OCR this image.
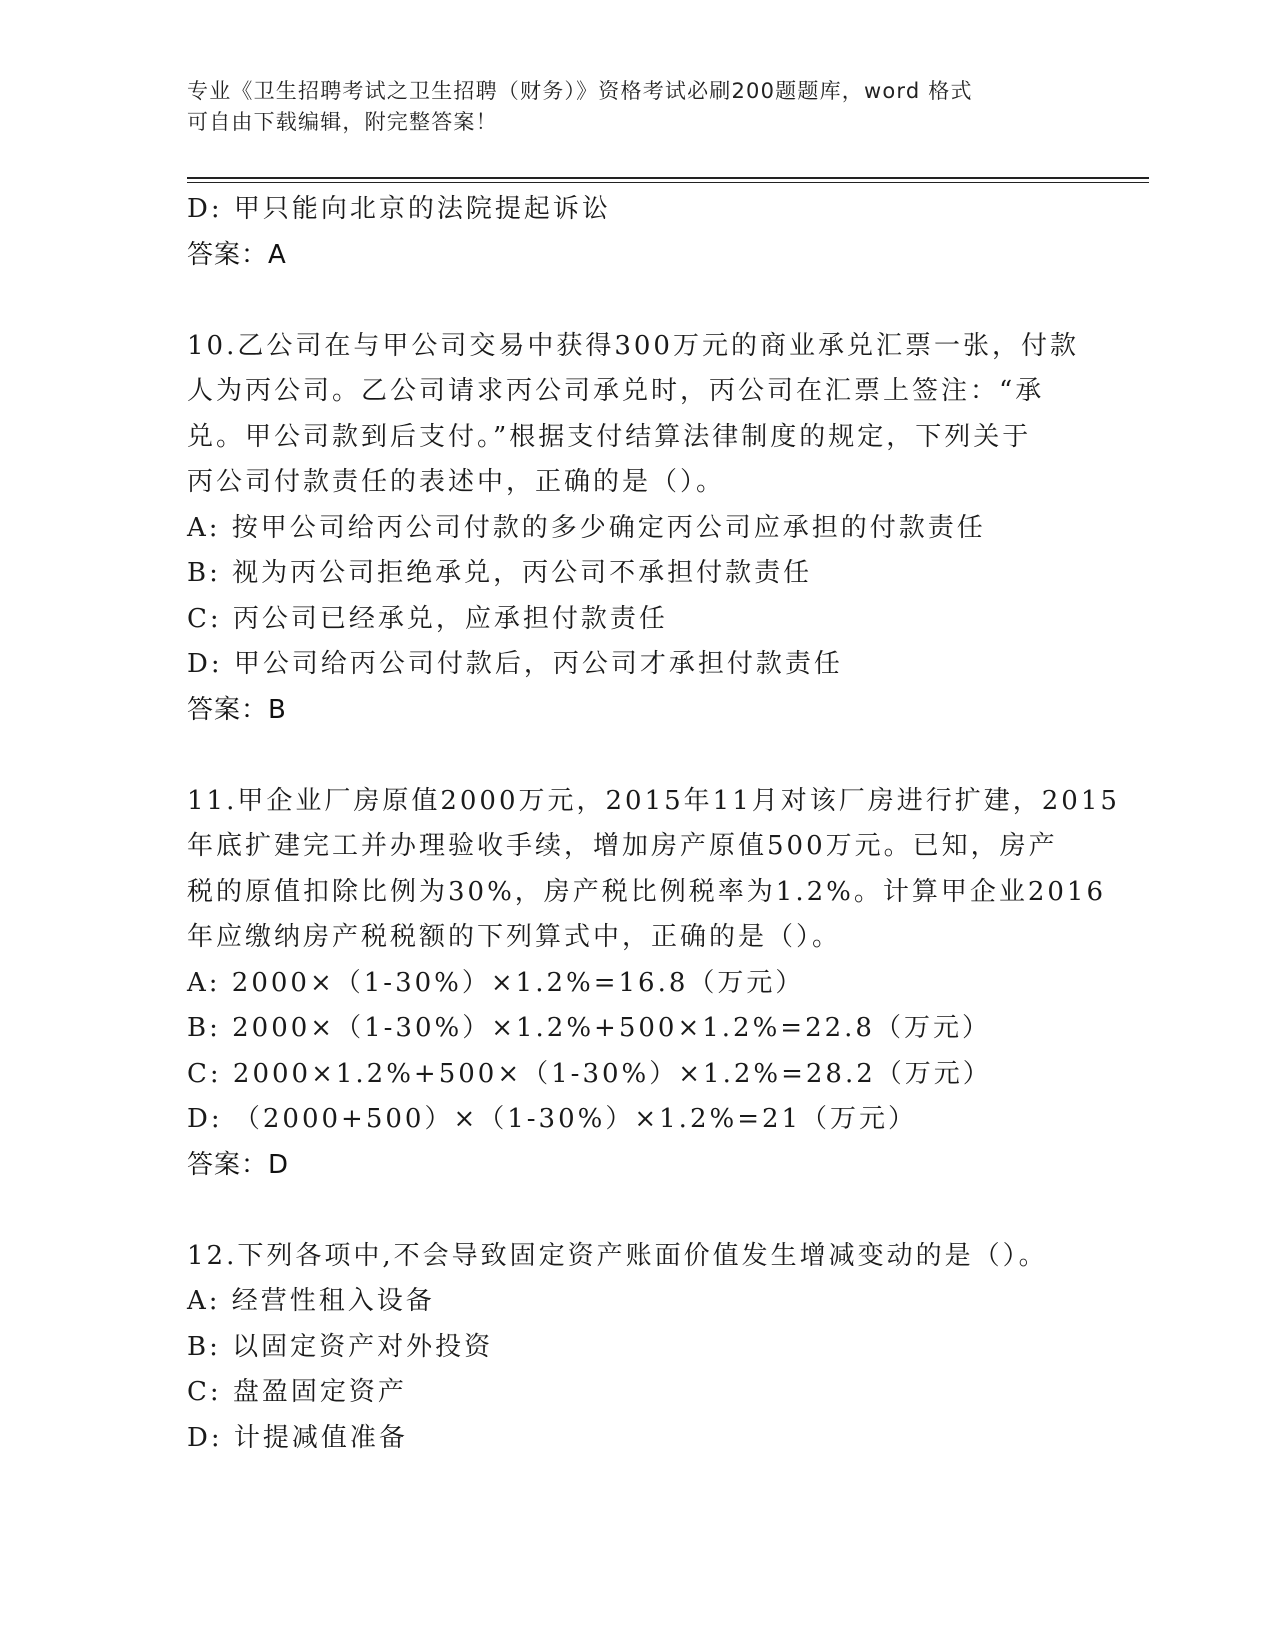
专业《卫生招聘考试之卫生招聘（财务）》资格考试必刷200题题库，word 格式
可自由下载编辑，附完整答案！
D: 甲只能向北京的法院提起诉讼
答案：A
10.乙公司在与甲公司交易中获得300万元的商业承兑汇票一张，付款
人为丙公司。乙公司请求丙公司承兑时，丙公司在汇票上签注：“承
兑。甲公司款到后支付。”根据支付结算法律制度的规定，下列关于
丙公司付款责任的表述中，正确的是（）。
A: 按甲公司给丙公司付款的多少确定丙公司应承担的付款责任
B: 视为丙公司拒绝承兑，丙公司不承担付款责任
C: 丙公司已经承兑，应承担付款责任
D: 甲公司给丙公司付款后，丙公司才承担付款责任
答案：B
11.甲企业厂房原值2000万元，2015年11月对该厂房进行扩建，2015
年底扩建完工并办理验收手续，增加房产原值500万元。已知，房产
税的原值扣除比例为30%，房产税比例税率为1.2%。计算甲企业2016
年应缴纳房产税税额的下列算式中，正确的是（）。
A: 2000×（1-30%）×1.2%=16.8（万元）
B: 2000×（1-30%）×1.2%+500×1.2%=22.8（万元）
C: 2000×1.2%+500×（1-30%）×1.2%=28.2（万元）
D: （2000+500）×（1-30%）×1.2%=21（万元）
答案：D
12.下列各项中,不会导致固定资产账面价值发生增减变动的是（）。
A: 经营性租入设备
B: 以固定资产对外投资
C: 盘盈固定资产
D: 计提减值准备
